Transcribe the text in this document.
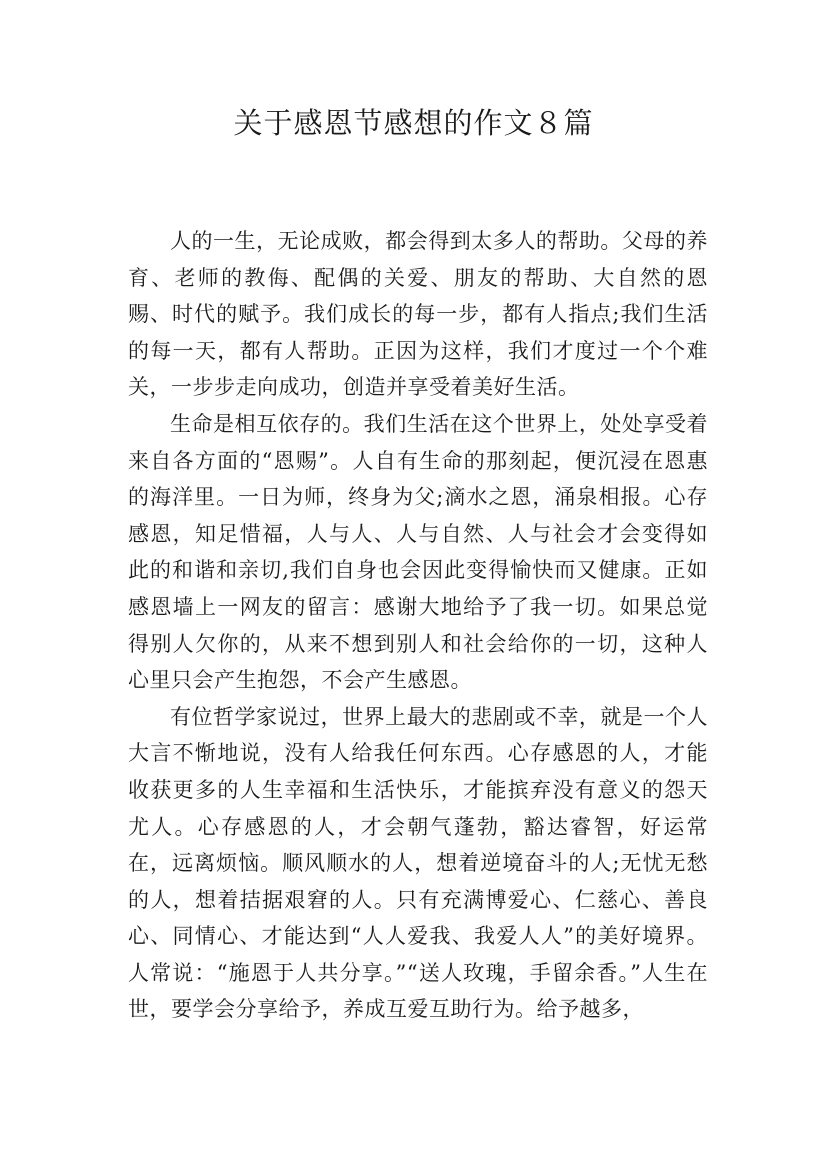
关于感恩节感想的作文８篇

人的一生，无论成败，都会得到太多人的帮助。父母的养育、老师的教侮、配偶的关爱、朋友的帮助、大自然的恩赐、时代的赋予。我们成长的每一步，都有人指点;我们生活的每一天，都有人帮助。正因为这样，我们才度过一个个难关，一步步走向成功，创造并享受着美好生活。

生命是相互依存的。我们生活在这个世界上，处处享受着来自各方面的“恩赐”。人自有生命的那刻起，便沉浸在恩惠的海洋里。一日为师，终身为父;滴水之恩，涌泉相报。心存感恩，知足惜福，人与人、人与自然、人与社会才会变得如此的和谐和亲切,我们自身也会因此变得愉快而又健康。正如感恩墙上一网友的留言：感谢大地给予了我一切。如果总觉得别人欠你的，从来不想到别人和社会给你的一切，这种人心里只会产生抱怨，不会产生感恩。

有位哲学家说过，世界上最大的悲剧或不幸，就是一个人大言不惭地说，没有人给我任何东西。心存感恩的人，才能收获更多的人生幸福和生活快乐，才能摈弃没有意义的怨天尤人。心存感恩的人，才会朝气蓬勃，豁达睿智，好运常在，远离烦恼。顺风顺水的人，想着逆境奋斗的人;无忧无愁的人，想着拮据艰窘的人。只有充满博爱心、仁慈心、善良心、同情心、才能达到“人人爱我、我爱人人”的美好境界。人常说：“施恩于人共分享。”“送人玫瑰，手留余香。”人生在世，要学会分享给予，养成互爱互助行为。给予越多，
